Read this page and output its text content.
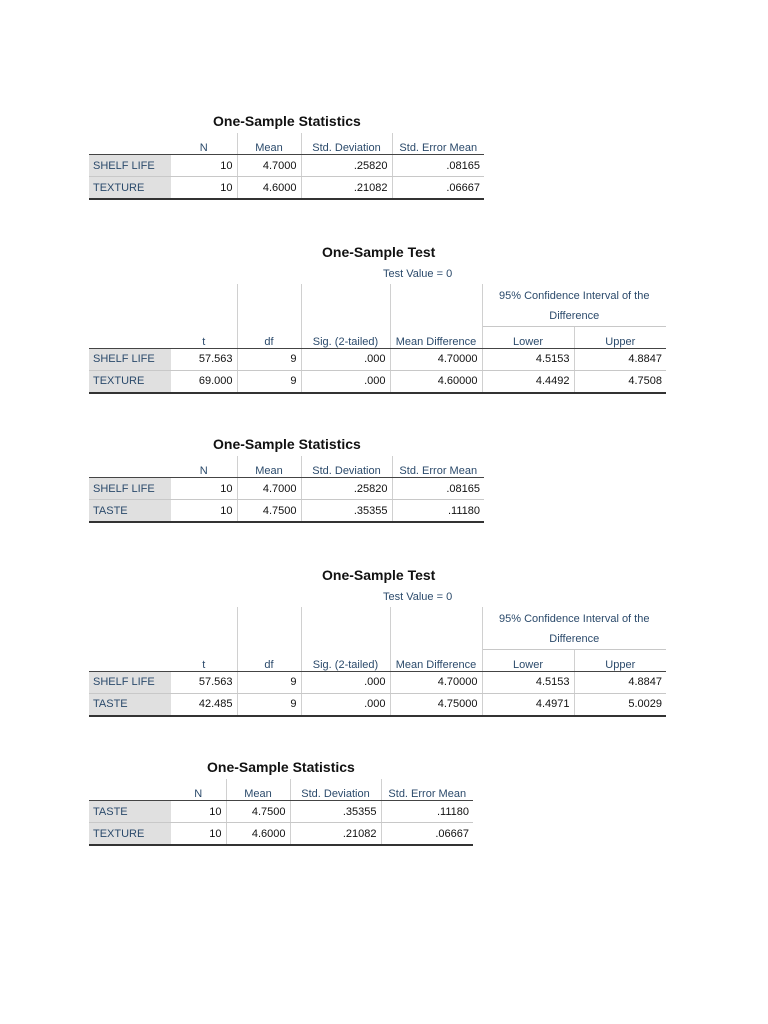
One-Sample Statistics
	N	Mean	Std. Deviation	Std. Error Mean
SHELF LIFE	10	4.7000	.25820	.08165
TEXTURE	10	4.6000	.21082	.06667
One-Sample Test
Test Value = 0
					95% Confidence Interval of the Difference	
	t	df	Sig. (2-tailed)	Mean Difference	Lower	Upper
SHELF LIFE	57.563	9	.000	4.70000	4.5153	4.8847
TEXTURE	69.000	9	.000	4.60000	4.4492	4.7508
One-Sample Statistics
	N	Mean	Std. Deviation	Std. Error Mean
SHELF LIFE	10	4.7000	.25820	.08165
TASTE	10	4.7500	.35355	.11180
One-Sample Test
Test Value = 0
					95% Confidence Interval of the Difference	
	t	df	Sig. (2-tailed)	Mean Difference	Lower	Upper
SHELF LIFE	57.563	9	.000	4.70000	4.5153	4.8847
TASTE	42.485	9	.000	4.75000	4.4971	5.0029
One-Sample Statistics
	N	Mean	Std. Deviation	Std. Error Mean
TASTE	10	4.7500	.35355	.11180
TEXTURE	10	4.6000	.21082	.06667
